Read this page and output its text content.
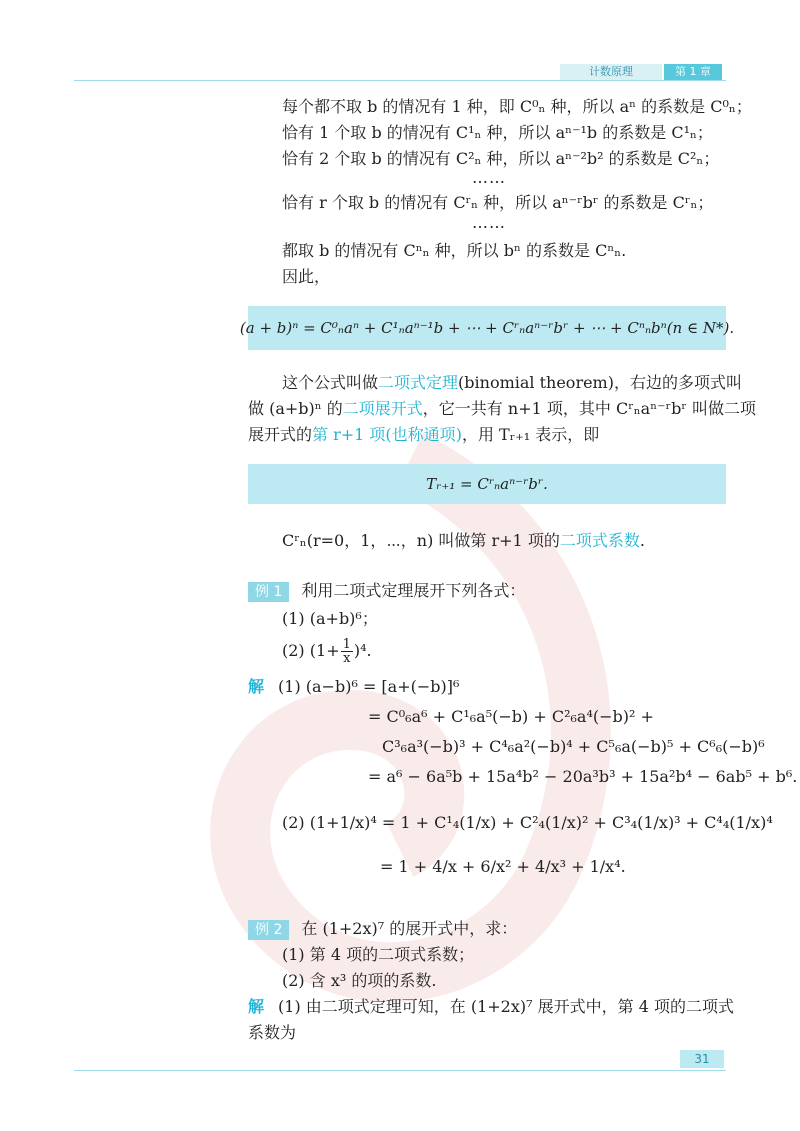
计数原理	第 1 章
每个都不取 b 的情况有 1 种，即 C⁰ₙ 种，所以 aⁿ 的系数是 C⁰ₙ；
恰有 1 个取 b 的情况有 C¹ₙ 种，所以 aⁿ⁻¹b 的系数是 C¹ₙ；
恰有 2 个取 b 的情况有 C²ₙ 种，所以 aⁿ⁻²b² 的系数是 C²ₙ；
……
恰有 r 个取 b 的情况有 Cʳₙ 种，所以 aⁿ⁻ʳbʳ 的系数是 Cʳₙ；
……
都取 b 的情况有 Cⁿₙ 种，所以 bⁿ 的系数是 Cⁿₙ.
因此，
(a + b)ⁿ = C⁰ₙaⁿ + C¹ₙaⁿ⁻¹b + ⋯ + Cʳₙaⁿ⁻ʳbʳ + ⋯ + Cⁿₙbⁿ(n ∈ N*).
这个公式叫做二项式定理(binomial theorem)，右边的多项式叫
做 (a+b)ⁿ 的二项展开式，它一共有 n+1 项，其中 Cʳₙaⁿ⁻ʳbʳ 叫做二项
展开式的第 r+1 项(也称通项)，用 Tᵣ₊₁ 表示，即
Tᵣ₊₁ = Cʳₙaⁿ⁻ʳbʳ.
Cʳₙ(r=0，1，⋯，n) 叫做第 r+1 项的二项式系数.
例 1 利用二项式定理展开下列各式：
(1) (a+b)⁶；
(2) $(1+ \frac{1}{x} )^4$.
解 (1) (a−b)⁶ = [a+(−b)]⁶
= C⁰₆a⁶ + C¹₆a⁵(−b) + C²₆a⁴(−b)² +
C³₆a³(−b)³ + C⁴₆a²(−b)⁴ + C⁵₆a(−b)⁵ + C⁶₆(−b)⁶
= a⁶ − 6a⁵b + 15a⁴b² − 20a³b³ + 15a²b⁴ − 6ab⁵ + b⁶.
(2) (1+1/x)⁴ = 1 + C¹₄(1/x) + C²₄(1/x)² + C³₄(1/x)³ + C⁴₄(1/x)⁴
= 1 + 4/x + 6/x² + 4/x³ + 1/x⁴.
例 2 在 (1+2x)⁷ 的展开式中，求：
(1) 第 4 项的二项式系数；
(2) 含 x³ 的项的系数.
解 (1) 由二项式定理可知，在 (1+2x)⁷ 展开式中，第 4 项的二项式
系数为
31
